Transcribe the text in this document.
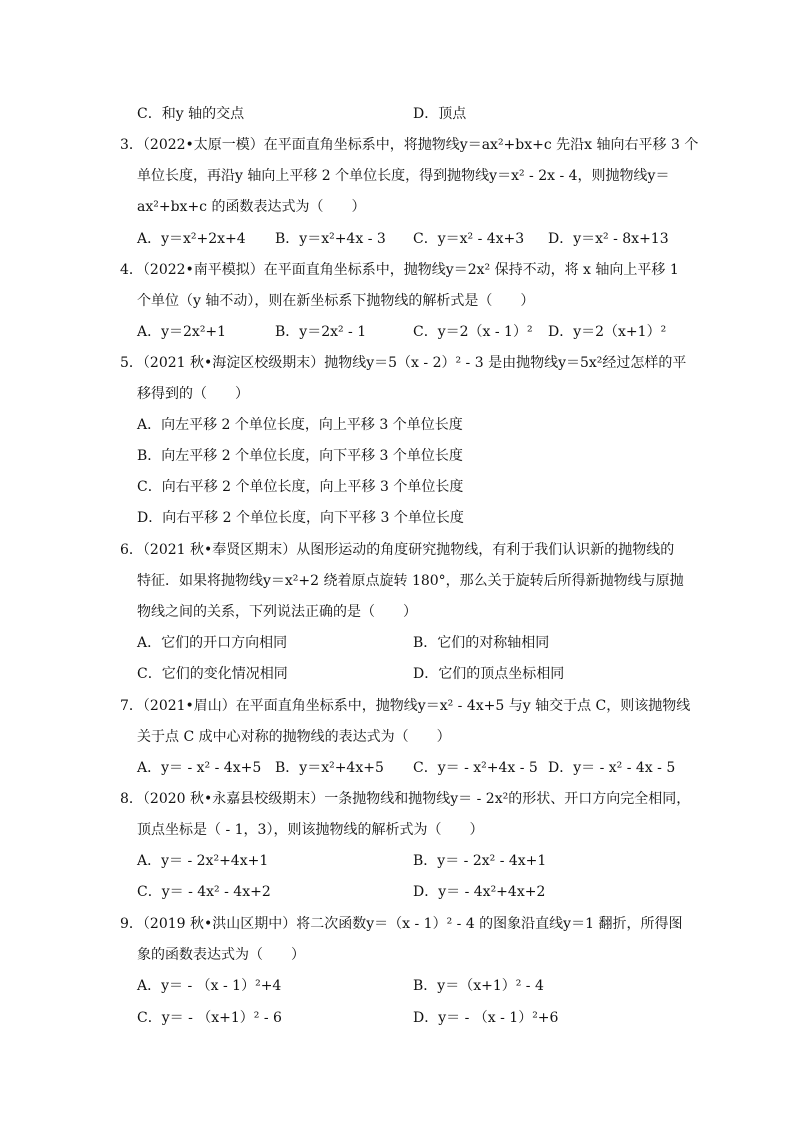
C．和y 轴的交点	D．顶点
3．（2022•太原一模）在平面直角坐标系中，将抛物线y＝ax²+bx+c 先沿x 轴向右平移 3 个
单位长度，再沿y 轴向上平移 2 个单位长度，得到抛物线y＝x² - 2x - 4，则抛物线y＝
ax²+bx+c 的函数表达式为（　　）
A．y＝x²+2x+4 B．y＝x²+4x - 3 C．y＝x² - 4x+3 D．y＝x² - 8x+13
4．（2022•南平模拟）在平面直角坐标系中，抛物线y＝2x² 保持不动，将 x 轴向上平移 1
个单位（y 轴不动），则在新坐标系下抛物线的解析式是（　　）
A．y＝2x²+1	B．y＝2x² - 1	C．y＝2（x - 1）² D．y＝2（x+1）²
5．（2021 秋•海淀区校级期末）抛物线y＝5（x - 2）² - 3 是由抛物线y＝5x²经过怎样的平
移得到的（　　）
A．向左平移 2 个单位长度，向上平移 3 个单位长度
B．向左平移 2 个单位长度，向下平移 3 个单位长度
C．向右平移 2 个单位长度，向上平移 3 个单位长度
D．向右平移 2 个单位长度，向下平移 3 个单位长度
6．（2021 秋•奉贤区期末）从图形运动的角度研究抛物线，有利于我们认识新的抛物线的
特征．如果将抛物线y＝x²+2 绕着原点旋转 180°，那么关于旋转后所得新抛物线与原抛
物线之间的关系，下列说法正确的是（　　）
A．它们的开口方向相同	B．它们的对称轴相同
C．它们的变化情况相同	D．它们的顶点坐标相同
7．（2021•眉山）在平面直角坐标系中，抛物线y＝x² - 4x+5 与y 轴交于点 C，则该抛物线
关于点 C 成中心对称的抛物线的表达式为（　　）
A．y＝ - x² - 4x+5 B．y＝x²+4x+5 C．y＝ - x²+4x - 5 D．y＝ - x² - 4x - 5
8．（2020 秋•永嘉县校级期末）一条抛物线和抛物线y＝ - 2x²的形状、开口方向完全相同，
顶点坐标是（ - 1，3），则该抛物线的解析式为（　　）
A．y＝ - 2x²+4x+1	B．y＝ - 2x² - 4x+1
C．y＝ - 4x² - 4x+2	D．y＝ - 4x²+4x+2
9．（2019 秋•洪山区期中）将二次函数y＝（x - 1）² - 4 的图象沿直线y＝1 翻折，所得图
象的函数表达式为（　　）
A．y＝ - （x - 1）²+4	B．y＝（x+1）² - 4
C．y＝ - （x+1）² - 6	D．y＝ - （x - 1）²+6
